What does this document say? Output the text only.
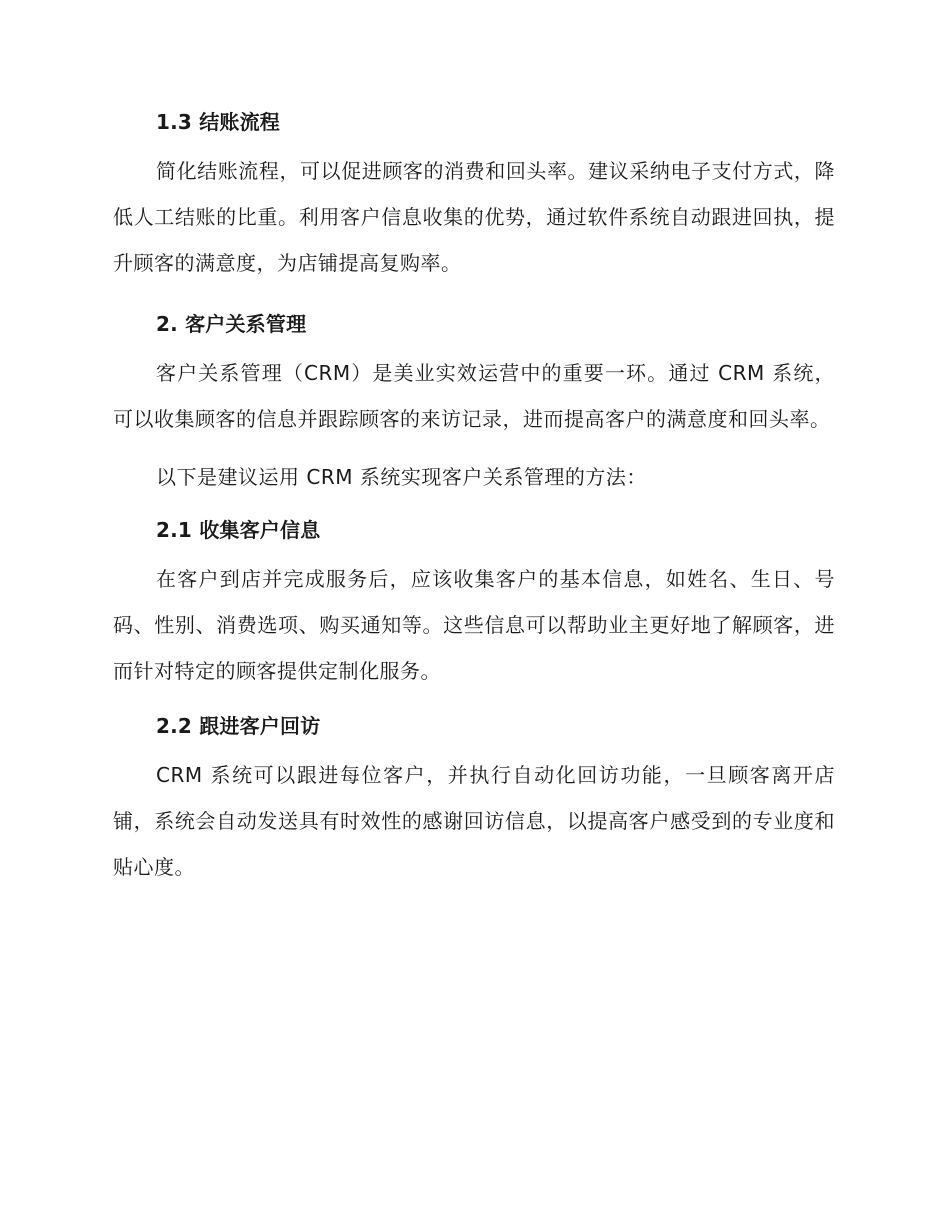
1.3 结账流程

简化结账流程，可以促进顾客的消费和回头率。建议采纳电子支付方式，降低人工结账的比重。利用客户信息收集的优势，通过软件系统自动跟进回执，提升顾客的满意度，为店铺提高复购率。

2. 客户关系管理

客户关系管理（CRM）是美业实效运营中的重要一环。通过 CRM 系统，可以收集顾客的信息并跟踪顾客的来访记录，进而提高客户的满意度和回头率。

以下是建议运用 CRM 系统实现客户关系管理的方法：

2.1 收集客户信息

在客户到店并完成服务后，应该收集客户的基本信息，如姓名、生日、号码、性别、消费选项、购买通知等。这些信息可以帮助业主更好地了解顾客，进而针对特定的顾客提供定制化服务。

2.2 跟进客户回访

CRM 系统可以跟进每位客户，并执行自动化回访功能，一旦顾客离开店铺，系统会自动发送具有时效性的感谢回访信息，以提高客户感受到的专业度和贴心度。
